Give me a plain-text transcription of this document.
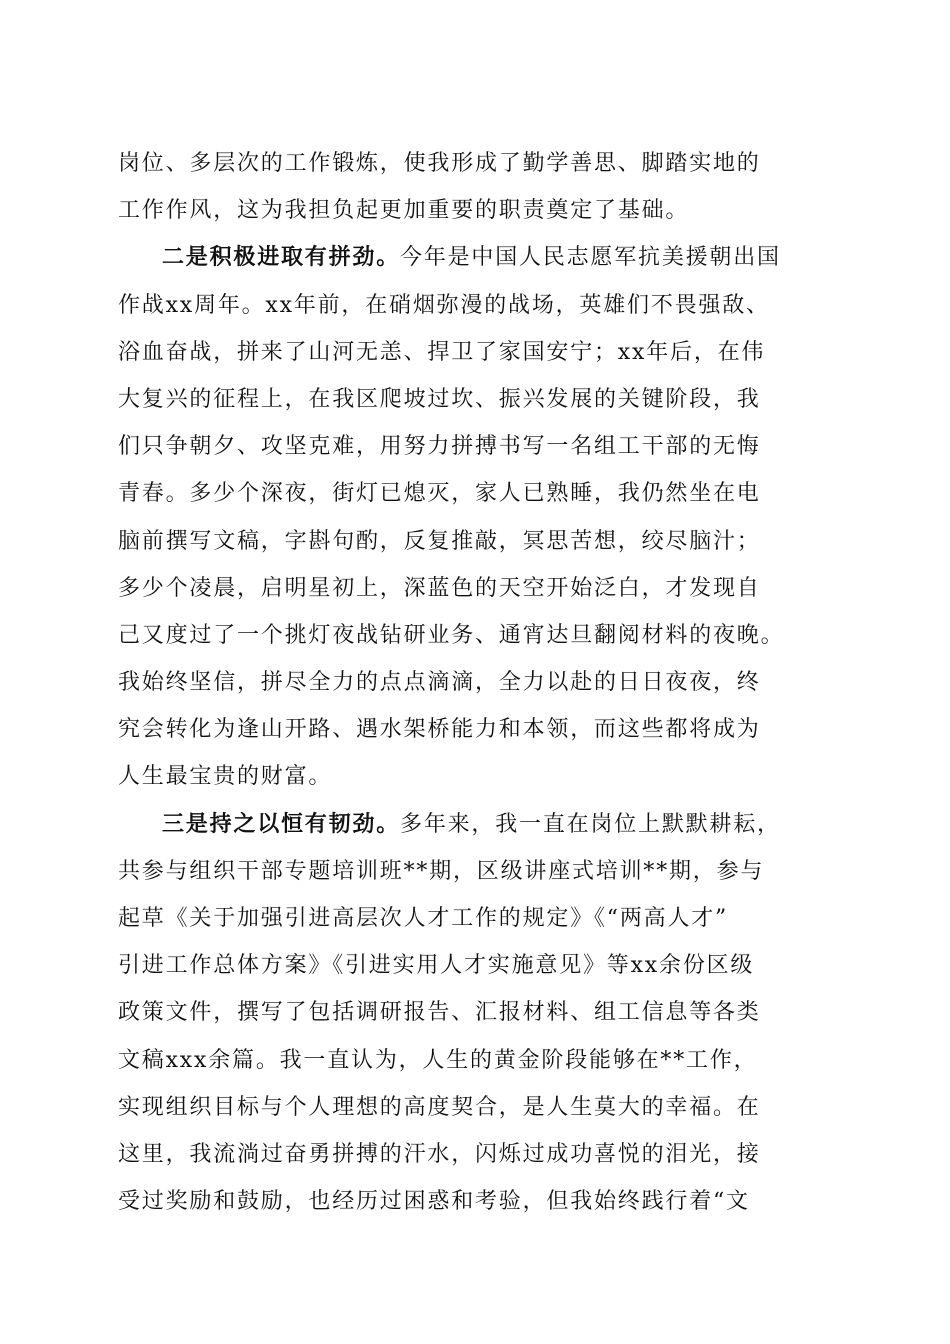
岗位、多层次的工作锻炼，使我形成了勤学善思、脚踏实地的
工作作风，这为我担负起更加重要的职责奠定了基础。
二是积极进取有拼劲。今年是中国人民志愿军抗美援朝出国
作战xx周年。xx年前，在硝烟弥漫的战场，英雄们不畏强敌、
浴血奋战，拼来了山河无恙、捍卫了家国安宁；xx年后，在伟
大复兴的征程上，在我区爬坡过坎、振兴发展的关键阶段，我
们只争朝夕、攻坚克难，用努力拼搏书写一名组工干部的无悔
青春。多少个深夜，街灯已熄灭，家人已熟睡，我仍然坐在电
脑前撰写文稿，字斟句酌，反复推敲，冥思苦想，绞尽脑汁；
多少个凌晨，启明星初上，深蓝色的天空开始泛白，才发现自
己又度过了一个挑灯夜战钻研业务、通宵达旦翻阅材料的夜晚。
我始终坚信，拼尽全力的点点滴滴，全力以赴的日日夜夜，终
究会转化为逢山开路、遇水架桥能力和本领，而这些都将成为
人生最宝贵的财富。
三是持之以恒有韧劲。多年来，我一直在岗位上默默耕耘，
共参与组织干部专题培训班**期，区级讲座式培训**期，参与
起草《关于加强引进高层次人才工作的规定》《“两高人才”
引进工作总体方案》《引进实用人才实施意见》等xx余份区级
政策文件，撰写了包括调研报告、汇报材料、组工信息等各类
文稿xxx余篇。我一直认为，人生的黄金阶段能够在**工作，
实现组织目标与个人理想的高度契合，是人生莫大的幸福。在
这里，我流淌过奋勇拼搏的汗水，闪烁过成功喜悦的泪光，接
受过奖励和鼓励，也经历过困惑和考验，但我始终践行着“文
